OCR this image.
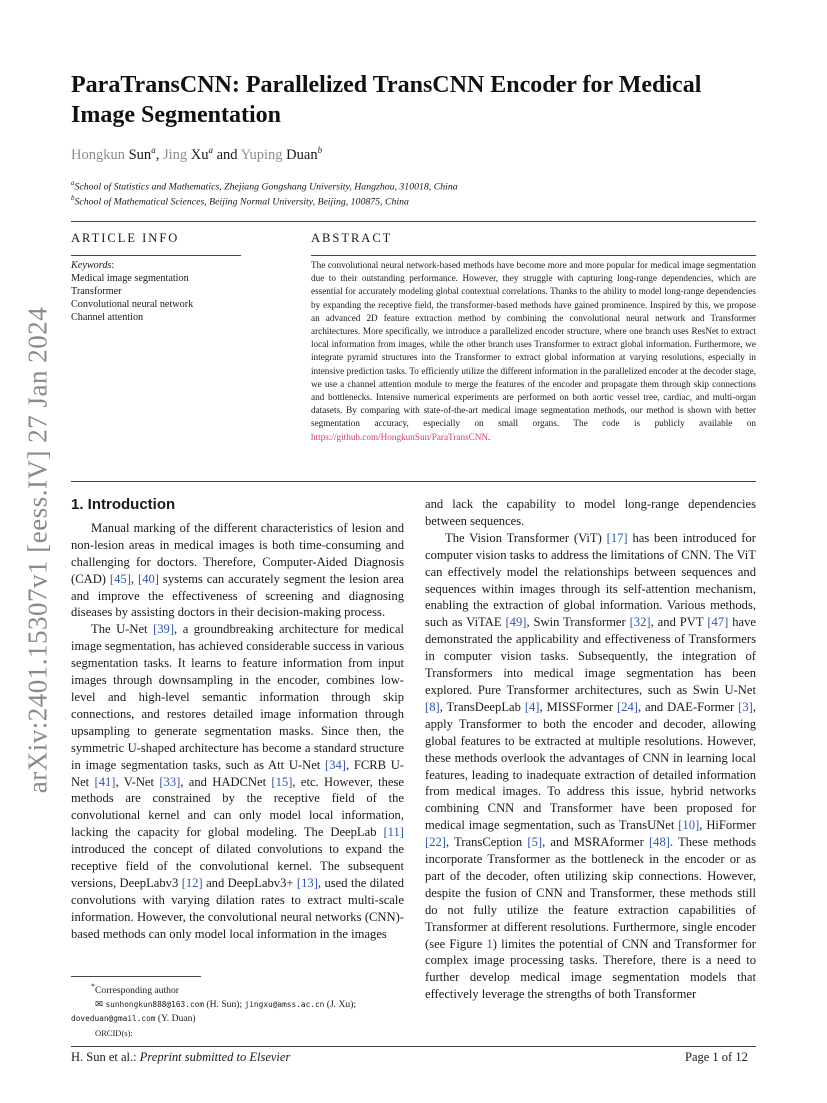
arXiv:2401.15307v1 [eess.IV] 27 Jan 2024
ParaTransCNN: Parallelized TransCNN Encoder for Medical Image Segmentation
Hongkun Sun$^a$, Jing Xu$^a$ and Yuping Duan$^b$
$^a$School of Statistics and Mathematics, Zhejiang Gongshang University, Hangzhou, 310018, China
$^b$School of Mathematical Sciences, Beijing Normal University, Beijing, 100875, China
ARTICLE INFO
Keywords:
Medical image segmentation
Transformer
Convolutional neural network
Channel attention
ABSTRACT
The convolutional neural network-based methods have become more and more popular for medical image segmentation due to their outstanding performance. However, they struggle with capturing long-range dependencies, which are essential for accurately modeling global contextual correlations. Thanks to the ability to model long-range dependencies by expanding the receptive field, the transformer-based methods have gained prominence. Inspired by this, we propose an advanced 2D feature extraction method by combining the convolutional neural network and Transformer architectures. More specifically, we introduce a parallelized encoder structure, where one branch uses ResNet to extract local information from images, while the other branch uses Transformer to extract global information. Furthermore, we integrate pyramid structures into the Transformer to extract global information at varying resolutions, especially in intensive prediction tasks. To efficiently utilize the different information in the parallelized encoder at the decoder stage, we use a channel attention module to merge the features of the encoder and propagate them through skip connections and bottlenecks. Intensive numerical experiments are performed on both aortic vessel tree, cardiac, and multi-organ datasets. By comparing with state-of-the-art medical image segmentation methods, our method is shown with better segmentation accuracy, especially on small organs. The code is publicly available on https://github.com/HongkunSun/ParaTransCNN.
1. Introduction

Manual marking of the different characteristics of lesion and non-lesion areas in medical images is both time-consuming and challenging for doctors. Therefore, Computer-Aided Diagnosis (CAD) [45], [40] systems can accurately segment the lesion area and improve the effectiveness of screening and diagnosing diseases by assisting doctors in their decision-making process.

The U-Net [39], a groundbreaking architecture for medical image segmentation, has achieved considerable success in various segmentation tasks. It learns to feature information from input images through downsampling in the encoder, combines low-level and high-level semantic information through skip connections, and restores detailed image information through upsampling to generate segmentation masks. Since then, the symmetric U-shaped architecture has become a standard structure in image segmentation tasks, such as Att U-Net [34], FCRB U-Net [41], V-Net [33], and HADCNet [15], etc. However, these methods are constrained by the receptive field of the convolutional kernel and can only model local information, lacking the capacity for global modeling. The DeepLab [11] introduced the concept of dilated convolutions to expand the receptive field of the convolutional kernel. The subsequent versions, DeepLabv3 [12] and DeepLabv3+ [13], used the dilated convolutions with varying dilation rates to extract multi-scale information. However, the convolutional neural networks (CNN)-based methods can only model local information in the images

and lack the capability to model long-range dependencies between sequences.

The Vision Transformer (ViT) [17] has been introduced for computer vision tasks to address the limitations of CNN. The ViT can effectively model the relationships between sequences and sequences within images through its self-attention mechanism, enabling the extraction of global information. Various methods, such as ViTAE [49], Swin Transformer [32], and PVT [47] have demonstrated the applicability and effectiveness of Transformers in computer vision tasks. Subsequently, the integration of Transformers into medical image segmentation has been explored. Pure Transformer architectures, such as Swin U-Net [8], TransDeepLab [4], MISSFormer [24], and DAE-Former [3], apply Transformer to both the encoder and decoder, allowing global features to be extracted at multiple resolutions. However, these methods overlook the advantages of CNN in learning local features, leading to inadequate extraction of detailed information from medical images. To address this issue, hybrid networks combining CNN and Transformer have been proposed for medical image segmentation, such as TransUNet [10], HiFormer [22], TransCeption [5], and MSRAformer [48]. These methods incorporate Transformer as the bottleneck in the encoder or as part of the decoder, often utilizing skip connections. However, despite the fusion of CNN and Transformer, these methods still do not fully utilize the feature extraction capabilities of Transformer at different resolutions. Furthermore, single encoder (see Figure 1) limites the potential of CNN and Transformer for complex image processing tasks. Therefore, there is a need to further develop medical image segmentation models that effectively leverage the strengths of both Transformer

*Corresponding author
✉ sunhongkun888@163.com (H. Sun); jingxu@amss.ac.cn (J. Xu);
doveduan@gmail.com (Y. Duan)
ORCID(s):
H. Sun et al.: Preprint submitted to Elsevier	Page 1 of 12
